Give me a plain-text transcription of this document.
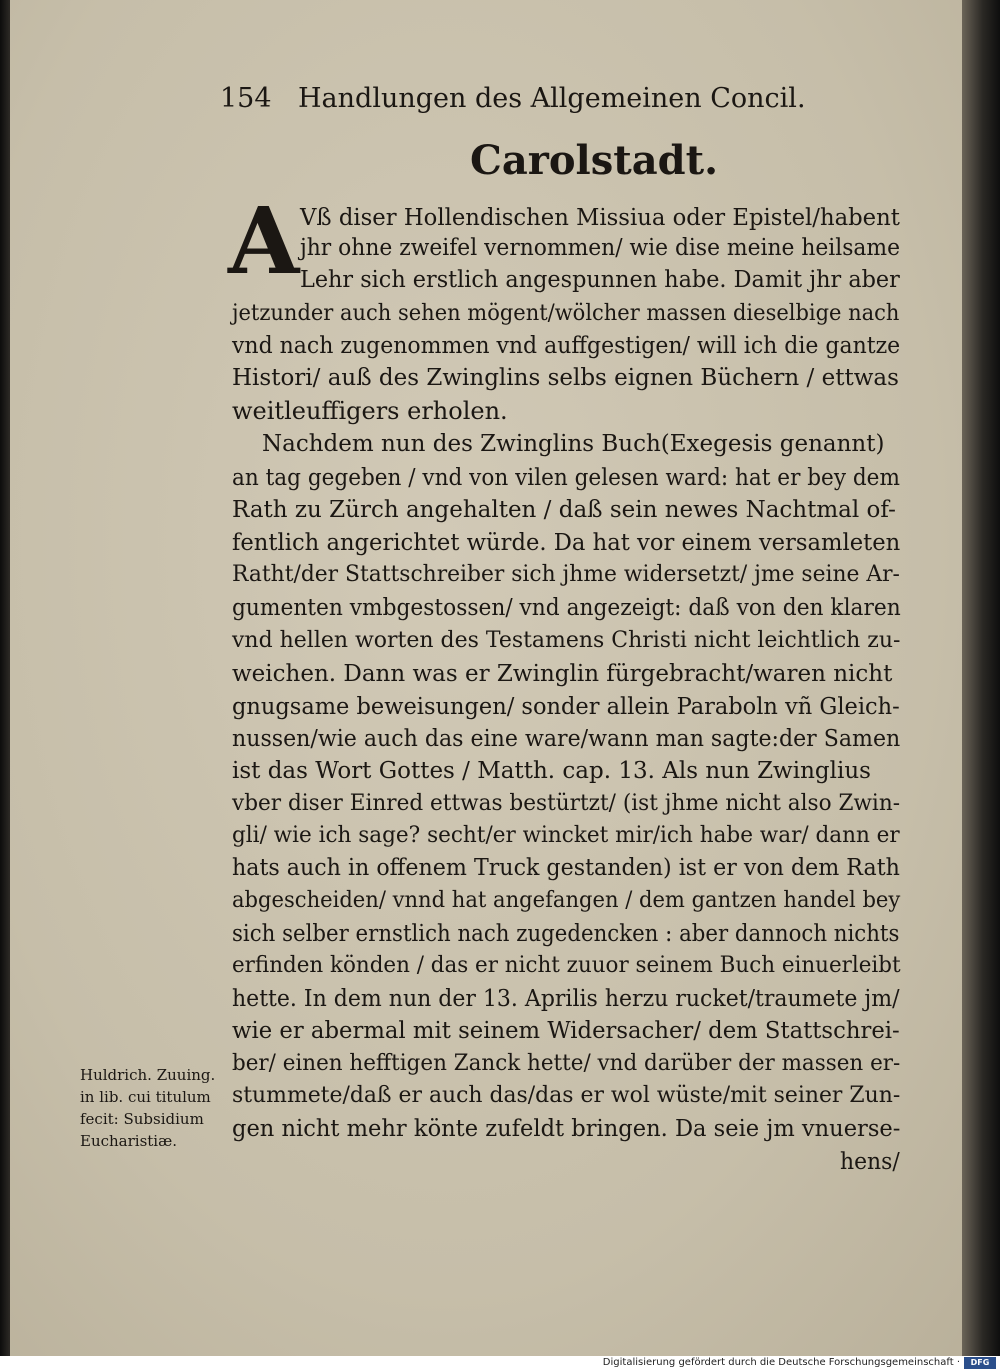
154 Handlungen des Allgemeinen Concil.
Carolstadt.
A Vß diser Hollendischen Missiua oder Epistel/habent
jhr ohne zweifel vernommen/ wie dise meine heilsame
Lehr sich erstlich angespunnen habe. Damit jhr aber
jetzunder auch sehen mögent/wölcher massen dieselbige nach
vnd nach zugenommen vnd auffgestigen/ will ich die gantze
Histori/ auß des Zwinglins selbs eignen Büchern / ettwas
weitleuffigers erholen.
Nachdem nun des Zwinglins Buch(Exegesis genannt)
an tag gegeben / vnd von vilen gelesen ward: hat er bey dem
Rath zu Zürch angehalten / daß sein newes Nachtmal of-
fentlich angerichtet würde. Da hat vor einem versamleten
Ratht/der Stattschreiber sich jhme widersetzt/ jme seine Ar-
gumenten vmbgestossen/ vnd angezeigt: daß von den klaren
vnd hellen worten des Testamens Christi nicht leichtlich zu-
weichen. Dann was er Zwinglin fürgebracht/waren nicht
gnugsame beweisungen/ sonder allein Paraboln vñ Gleich-
nussen/wie auch das eine ware/wann man sagte:der Samen
ist das Wort Gottes / Matth. cap. 13. Als nun Zwinglius
vber diser Einred ettwas bestürtzt/ (ist jhme nicht also Zwin-
gli/ wie ich sage? secht/er wincket mir/ich habe war/ dann er
hats auch in offenem Truck gestanden) ist er von dem Rath
abgescheiden/ vnnd hat angefangen / dem gantzen handel bey
sich selber ernstlich nach zugedencken : aber dannoch nichts
erfinden könden / das er nicht zuuor seinem Buch einuerleibt
hette. In dem nun der 13. Aprilis herzu rucket/traumete jm/
wie er abermal mit seinem Widersacher/ dem Stattschrei-
ber/ einen hefftigen Zanck hette/ vnd darüber der massen er-
stummete/daß er auch das/das er wol wüste/mit seiner Zun-
gen nicht mehr könte zufeldt bringen. Da seie jm vnuerse-
hens/
Huldrich. Zuuing.
in lib. cui titulum
fecit: Subsidium
Eucharistiæ.
Digitalisierung gefördert durch die Deutsche Forschungsgemeinschaft ·	DFG
